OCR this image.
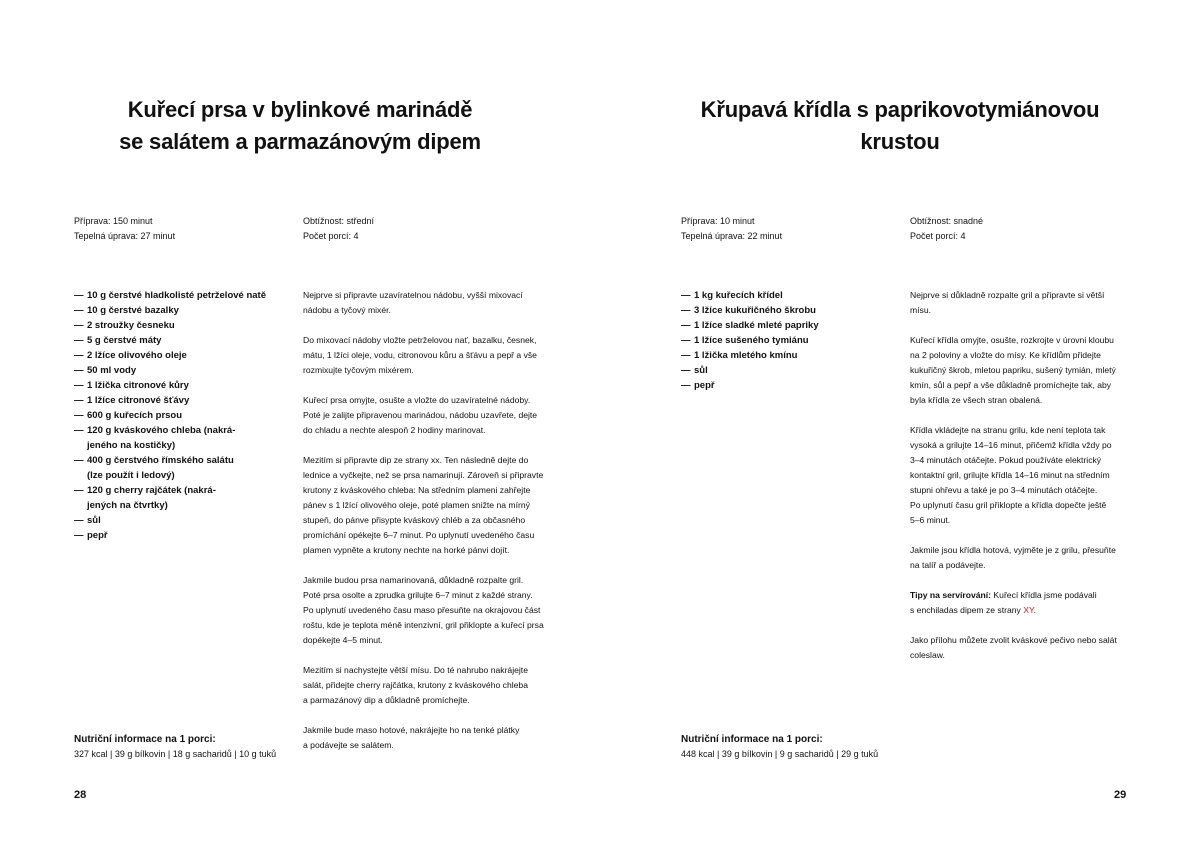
Kuřecí prsa v bylinkové marinádě
se salátem a parmazánovým dipem
Příprava: 150 minut
Tepelná úprava: 27 minut
Obtížnost: střední
Počet porcí: 4
— 10 g čerstvé hladkolisté petrželové natě
— 10 g čerstvé bazalky
— 2 stroužky česneku
— 5 g čerstvé máty
— 2 lžíce olivového oleje
— 50 ml vody
— 1 lžička citronové kůry
— 1 lžíce citronové šťávy
— 600 g kuřecích prsou
— 120 g kváskového chleba (nakrá-
jeného na kostičky)
— 400 g čerstvého římského salátu
(lze použít i ledový)
— 120 g cherry rajčátek (nakrá-
jených na čtvrtky)
— sůl
— pepř

Nejprve si připravte uzavíratelnou nádobu, vyšší mixovací
nádobu a tyčový mixér.

Do mixovací nádoby vložte petrželovou nať, bazalku, česnek,
mátu, 1 lžíci oleje, vodu, citronovou kůru a šťávu a pepř a vše
rozmixujte tyčovým mixérem.

Kuřecí prsa omyjte, osušte a vložte do uzavíratelné nádoby.
Poté je zalijte připravenou marinádou, nádobu uzavřete, dejte
do chladu a nechte alespoň 2 hodiny marinovat.

Mezitím si připravte dip ze strany xx. Ten následně dejte do
lednice a vyčkejte, než se prsa namarinují. Zároveň si připravte
krutony z kváskového chleba: Na středním plameni zahřejte
pánev s 1 lžící olivového oleje, poté plamen snižte na mírný
stupeň, do pánve přisypte kváskový chléb a za občasného
promíchání opékejte 6–7 minut. Po uplynutí uvedeného času
plamen vypněte a krutony nechte na horké pánvi dojít.

Jakmile budou prsa namarinovaná, důkladně rozpalte gril.
Poté prsa osolte a zprudka grilujte 6–7 minut z každé strany.
Po uplynutí uvedeného času maso přesuňte na okrajovou část
roštu, kde je teplota méně intenzivní, gril přiklopte a kuřecí prsa
dopékejte 4–5 minut.

Mezitím si nachystejte větší mísu. Do té nahrubo nakrájejte
salát, přidejte cherry rajčátka, krutony z kváskového chleba
a parmazánový dip a důkladně promíchejte.

Jakmile bude maso hotové, nakrájejte ho na tenké plátky
a podávejte se salátem.

Nutriční informace na 1 porci:
327 kcal | 39 g bílkovin | 18 g sacharidů | 10 g tuků
28
Křupavá křídla s paprikovotymiánovou
krustou
Příprava: 10 minut
Tepelná úprava: 22 minut
Obtížnost: snadné
Počet porcí: 4
— 1 kg kuřecích křídel
— 3 lžíce kukuřičného škrobu
— 1 lžíce sladké mleté papriky
— 1 lžíce sušeného tymiánu
— 1 lžička mletého kmínu
— sůl
— pepř

Nejprve si důkladně rozpalte gril a připravte si větší
mísu.

Kuřecí křídla omyjte, osušte, rozkrojte v úrovni kloubu
na 2 poloviny a vložte do mísy. Ke křídlům přidejte
kukuřičný škrob, mletou papriku, sušený tymián, mletý
kmín, sůl a pepř a vše důkladně promíchejte tak, aby
byla křídla ze všech stran obalená.

Křídla vkládejte na stranu grilu, kde není teplota tak
vysoká a grilujte 14–16 minut, přičemž křídla vždy po
3–4 minutách otáčejte. Pokud používáte elektrický
kontaktní gril, grilujte křídla 14–16 minut na středním
stupni ohřevu a také je po 3–4 minutách otáčejte.
Po uplynutí času gril přiklopte a křídla dopečte ještě
5–6 minut.

Jakmile jsou křídla hotová, vyjměte je z grilu, přesuňte
na talíř a podávejte.

Tipy na servírování: Kuřecí křídla jsme podávali
s enchiladas dipem ze strany XY.

Jako přílohu můžete zvolit kváskové pečivo nebo salát
coleslaw.

Nutriční informace na 1 porci:
448 kcal | 39 g bílkovin | 9 g sacharidů | 29 g tuků
29
